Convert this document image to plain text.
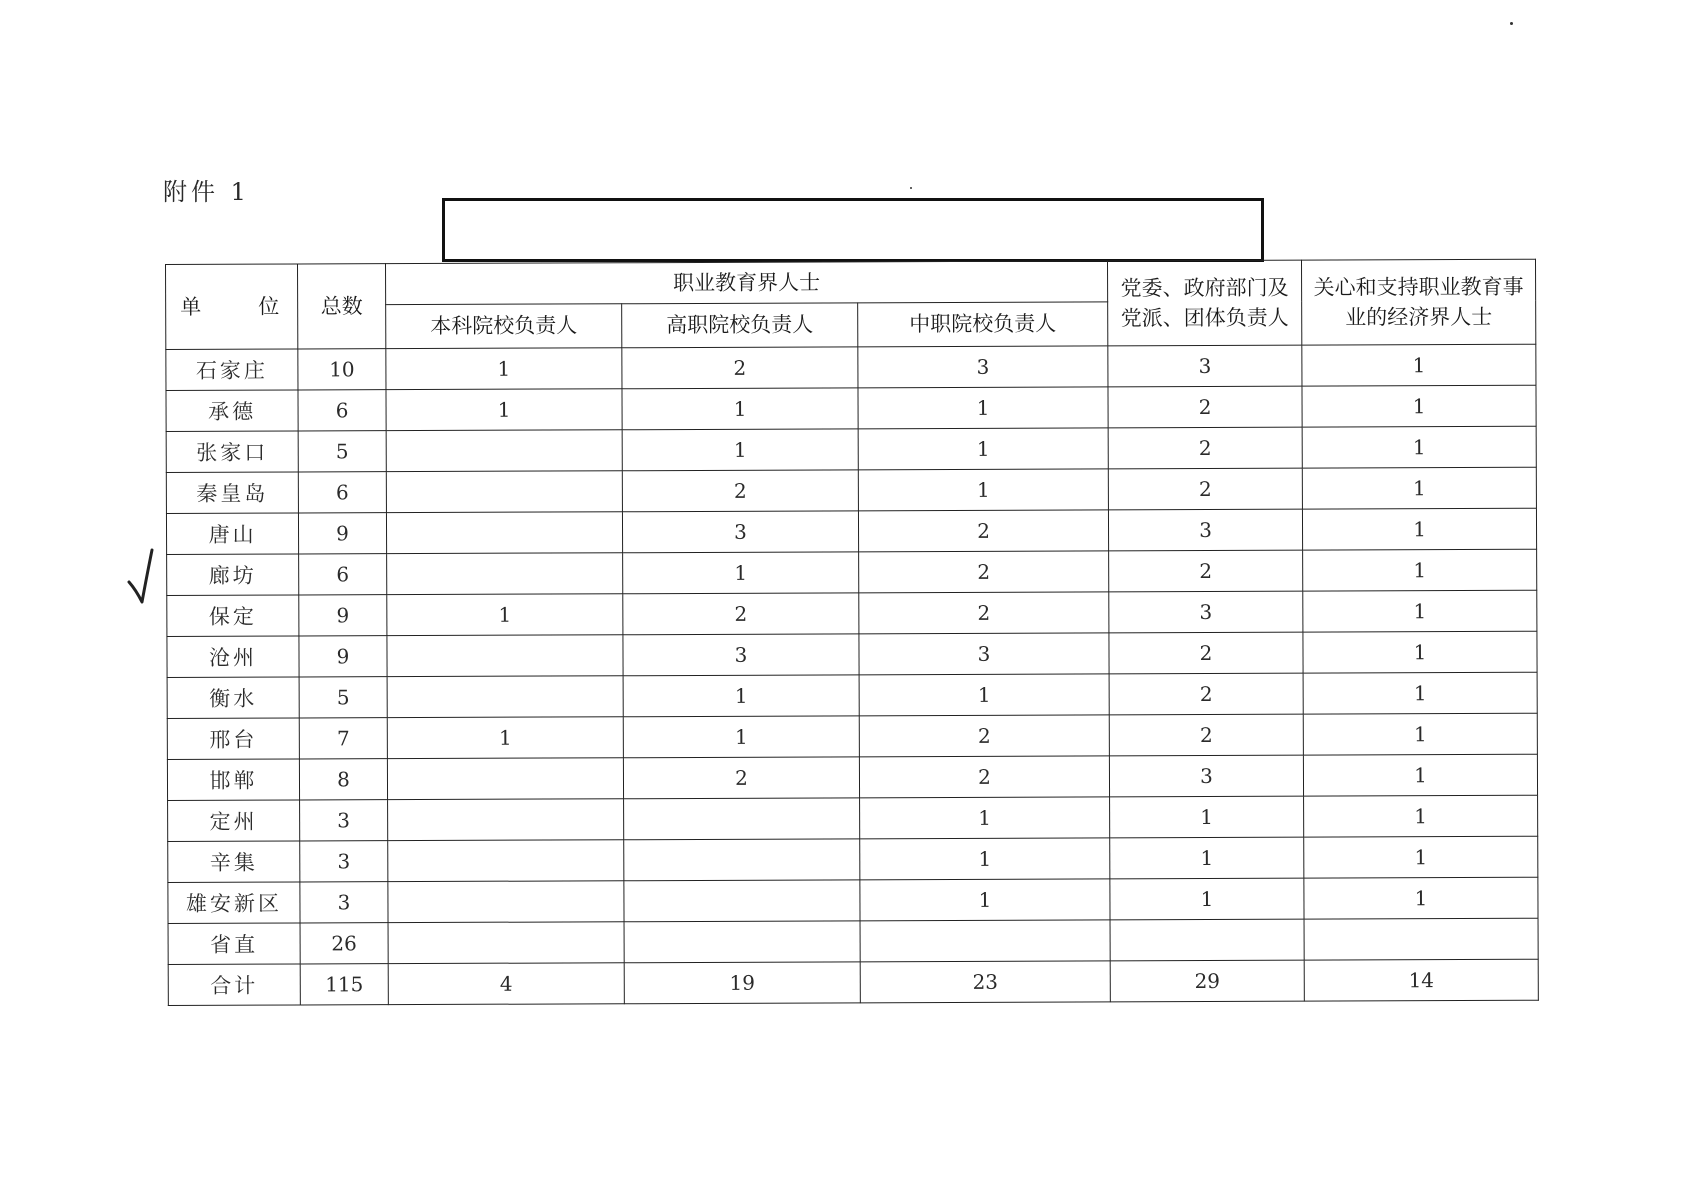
附件 1
单　位	总数	职业教育界人士			党委、政府部门及党派、团体负责人	关心和支持职业教育事业的经济界人士
		本科院校负责人	高职院校负责人	中职院校负责人		
石家庄	10	1	2	3	3	1
承德	6	1	1	1	2	1
张家口	5		1	1	2	1
秦皇岛	6		2	1	2	1
唐山	9		3	2	3	1
廊坊	6		1	2	2	1
保定	9	1	2	2	3	1
沧州	9		3	3	2	1
衡水	5		1	1	2	1
邢台	7	1	1	2	2	1
邯郸	8		2	2	3	1
定州	3			1	1	1
辛集	3			1	1	1
雄安新区	3			1	1	1
省直	26					
合计	115	4	19	23	29	14
